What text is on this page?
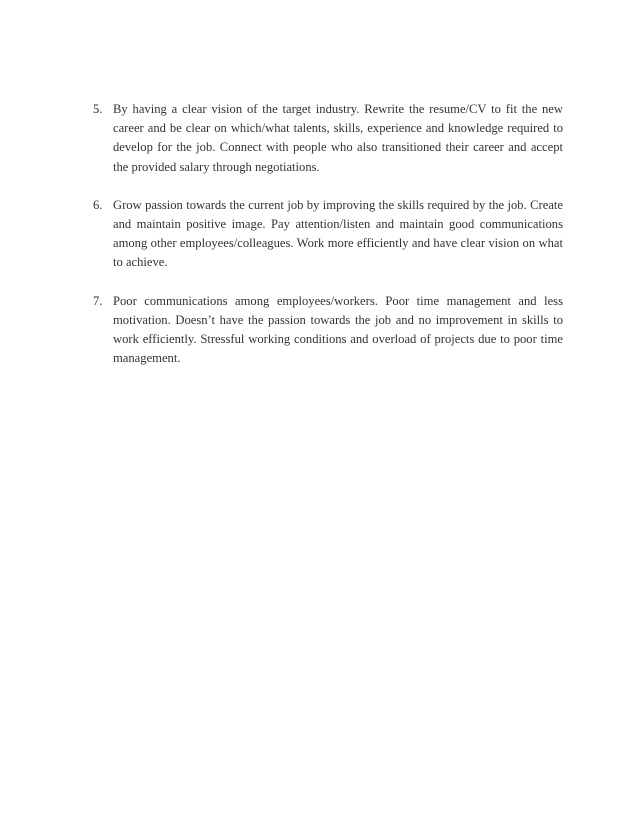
5. By having a clear vision of the target industry. Rewrite the resume/CV to fit the new career and be clear on which/what talents, skills, experience and knowledge required to develop for the job. Connect with people who also transitioned their career and accept the provided salary through negotiations.
6. Grow passion towards the current job by improving the skills required by the job. Create and maintain positive image. Pay attention/listen and maintain good communications among other employees/colleagues. Work more efficiently and have clear vision on what to achieve.
7. Poor communications among employees/workers. Poor time management and less motivation. Doesn’t have the passion towards the job and no improvement in skills to work efficiently. Stressful working conditions and overload of projects due to poor time management.
